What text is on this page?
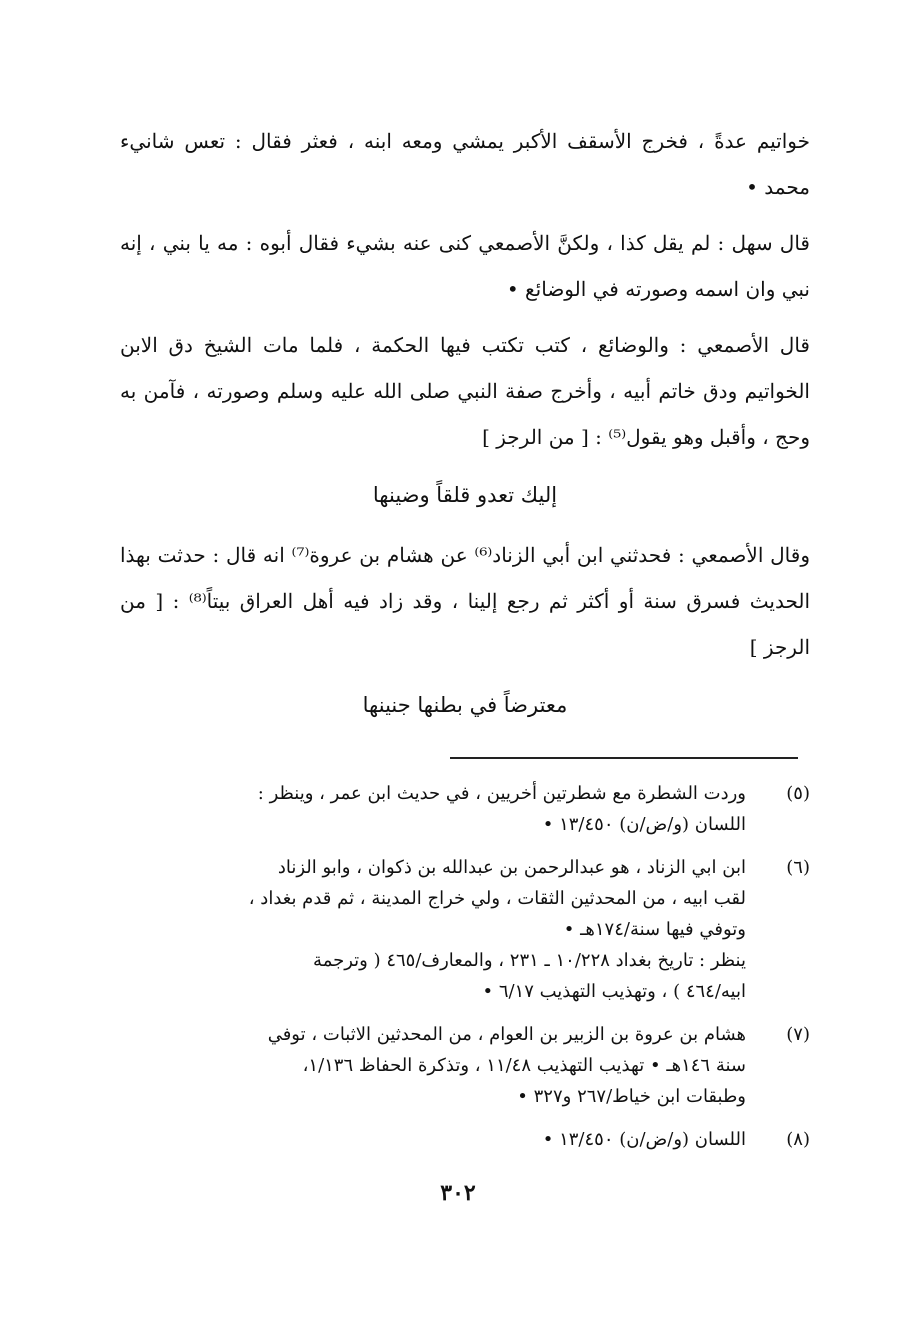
خواتيم عدةً ، فخرج الأسقف الأكبر يمشي ومعه ابنه ، فعثر فقال : تعس شانيء محمد •

قال سهل : لم يقل كذا ، ولكنَّ الأصمعي كنى عنه بشيء فقال أبوه : مه يا بني ، إنه نبي وان اسمه وصورته في الوضائع •

قال الأصمعي : والوضائع ، كتب تكتب فيها الحكمة ، فلما مات الشيخ دق الابن الخواتيم ودق خاتم أبيه ، وأخرج صفة النبي صلى الله عليه وسلم وصورته ، فآمن به وحج ، وأقبل وهو يقول⁽⁵⁾ : [ من الرجز ]

إليك تعدو قلقاً وضينها

وقال الأصمعي : فحدثني ابن أبي الزناد⁽⁶⁾ عن هشام بن عروة⁽⁷⁾ انه قال : حدثت بهذا الحديث فسرق سنة أو أكثر ثم رجع إلينا ، وقد زاد فيه أهل العراق بيتاً⁽⁸⁾ : [ من الرجز ]

معترضاً في بطنها جنينها
(٥)
وردت الشطرة مع شطرتين أخريين ، في حديث ابن عمر ، وينظر :
اللسان (و/ض/ن) ١٣/٤٥٠ •
(٦)
ابن ابي الزناد ، هو عبدالرحمن بن عبدالله بن ذكوان ، وابو الزناد
لقب ابيه ، من المحدثين الثقات ، ولي خراج المدينة ، ثم قدم بغداد ،
وتوفي فيها سنة/١٧٤هـ •
ينظر : تاريخ بغداد ١٠/٢٢٨ ـ ٢٣١ ، والمعارف/٤٦٥ ( وترجمة
ابيه/٤٦٤ ) ، وتهذيب التهذيب ٦/١٧ •
(٧)
هشام بن عروة بن الزبير بن العوام ، من المحدثين الاثبات ، توفي
سنة ١٤٦هـ • تهذيب التهذيب ١١/٤٨ ، وتذكرة الحفاظ ١/١٣٦،
وطبقات ابن خياط/٢٦٧ و٣٢٧ •
(٨)
اللسان (و/ض/ن) ١٣/٤٥٠ •
٣٠٢
